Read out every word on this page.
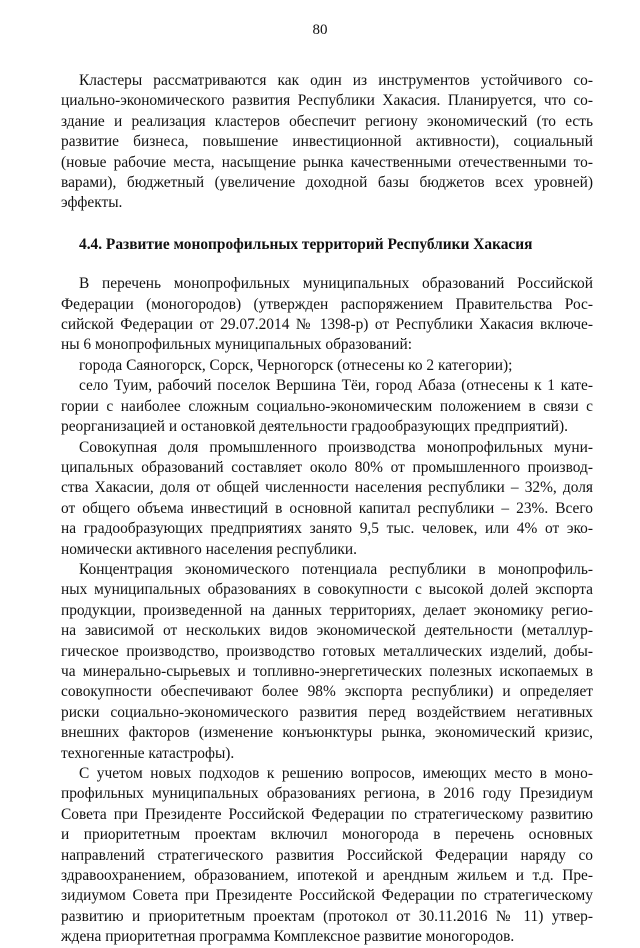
80
Кластеры рассматриваются как один из инструментов устойчивого со-
циально-экономического развития Республики Хакасия. Планируется, что со-
здание и реализация кластеров обеспечит региону экономический (то есть
развитие бизнеса, повышение инвестиционной активности), социальный
(новые рабочие места, насыщение рынка качественными отечественными то-
варами), бюджетный (увеличение доходной базы бюджетов всех уровней)
эффекты.
4.4. Развитие монопрофильных территорий Республики Хакасия
В перечень монопрофильных муниципальных образований Российской
Федерации (моногородов) (утвержден распоряжением Правительства Рос-
сийской Федерации от 29.07.2014 № 1398-р) от Республики Хакасия включе-
ны 6 монопрофильных муниципальных образований:
города Саяногорск, Сорск, Черногорск (отнесены ко 2 категории);
село Туим, рабочий поселок Вершина Тёи, город Абаза (отнесены к 1 кате-
гории с наиболее сложным социально-экономическим положением в связи с
реорганизацией и остановкой деятельности градообразующих предприятий).
Совокупная доля промышленного производства монопрофильных муни-
ципальных образований составляет около 80% от промышленного производ-
ства Хакасии, доля от общей численности населения республики – 32%, доля
от общего объема инвестиций в основной капитал республики – 23%. Всего
на градообразующих предприятиях занято 9,5 тыс. человек, или 4% от эко-
номически активного населения республики.
Концентрация экономического потенциала республики в монопрофиль-
ных муниципальных образованиях в совокупности с высокой долей экспорта
продукции, произведенной на данных территориях, делает экономику регио-
на зависимой от нескольких видов экономической деятельности (металлур-
гическое производство, производство готовых металлических изделий, добы-
ча минерально-сырьевых и топливно-энергетических полезных ископаемых в
совокупности обеспечивают более 98% экспорта республики) и определяет
риски социально-экономического развития перед воздействием негативных
внешних факторов (изменение конъюнктуры рынка, экономический кризис,
техногенные катастрофы).
С учетом новых подходов к решению вопросов, имеющих место в моно-
профильных муниципальных образованиях региона, в 2016 году Президиум
Совета при Президенте Российской Федерации по стратегическому развитию
и приоритетным проектам включил моногорода в перечень основных
направлений стратегического развития Российской Федерации наряду со
здравоохранением, образованием, ипотекой и арендным жильем и т.д. Пре-
зидиумом Совета при Президенте Российской Федерации по стратегическому
развитию и приоритетным проектам (протокол от 30.11.2016 № 11) утвер-
ждена приоритетная программа Комплексное развитие моногородов.
